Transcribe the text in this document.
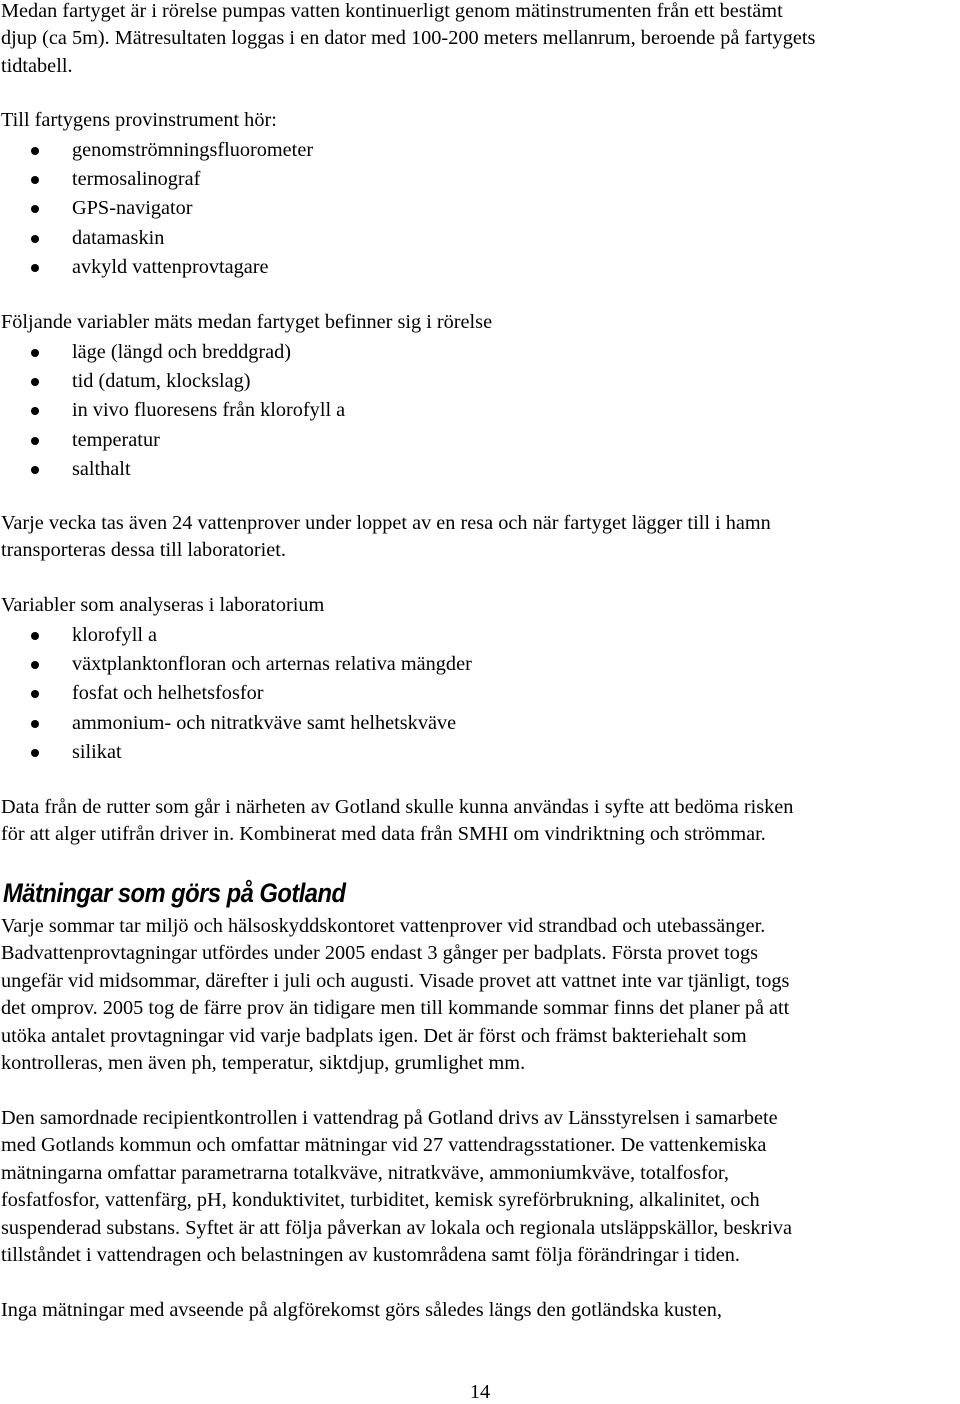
Medan fartyget är i rörelse pumpas vatten kontinuerligt genom mätinstrumenten från ett bestämt
djup (ca 5m). Mätresultaten loggas i en dator med 100-200 meters mellanrum, beroende på fartygets
tidtabell.
Till fartygens provinstrument hör:
genomströmningsfluorometer
termosalinograf
GPS-navigator
datamaskin
avkyld vattenprovtagare
Följande variabler mäts medan fartyget befinner sig i rörelse
läge (längd och breddgrad)
tid (datum, klockslag)
in vivo fluoresens från klorofyll a
temperatur
salthalt
Varje vecka tas även 24 vattenprover under loppet av en resa och när fartyget lägger till i hamn
transporteras dessa till laboratoriet.
Variabler som analyseras i laboratorium
klorofyll a
växtplanktonfloran och arternas relativa mängder
fosfat och helhetsfosfor
ammonium- och nitratkväve samt helhetskväve
silikat
Data från de rutter som går i närheten av Gotland skulle kunna användas i syfte att bedöma risken
för att alger utifrån driver in. Kombinerat med data från SMHI om vindriktning och strömmar.
Mätningar som görs på Gotland
Varje sommar tar miljö och hälsoskyddskontoret vattenprover vid strandbad och utebassänger.
Badvattenprovtagningar utfördes under 2005 endast 3 gånger per badplats. Första provet togs
ungefär vid midsommar, därefter i juli och augusti. Visade provet att vattnet inte var tjänligt, togs
det omprov. 2005 tog de färre prov än tidigare men till kommande sommar finns det planer på att
utöka antalet provtagningar vid varje badplats igen. Det är först och främst bakteriehalt som
kontrolleras, men även ph, temperatur, siktdjup, grumlighet mm.
Den samordnade recipientkontrollen i vattendrag på Gotland drivs av Länsstyrelsen i samarbete
med Gotlands kommun och omfattar mätningar vid 27 vattendragsstationer. De vattenkemiska
mätningarna omfattar parametrarna totalkväve, nitratkväve, ammoniumkväve, totalfosfor,
fosfatfosfor, vattenfärg, pH, konduktivitet, turbiditet, kemisk syreförbrukning, alkalinitet, och
suspenderad substans. Syftet är att följa påverkan av lokala och regionala utsläppskällor, beskriva
tillståndet i vattendragen och belastningen av kustområdena samt följa förändringar i tiden.
Inga mätningar med avseende på algförekomst görs således längs den gotländska kusten,
14
